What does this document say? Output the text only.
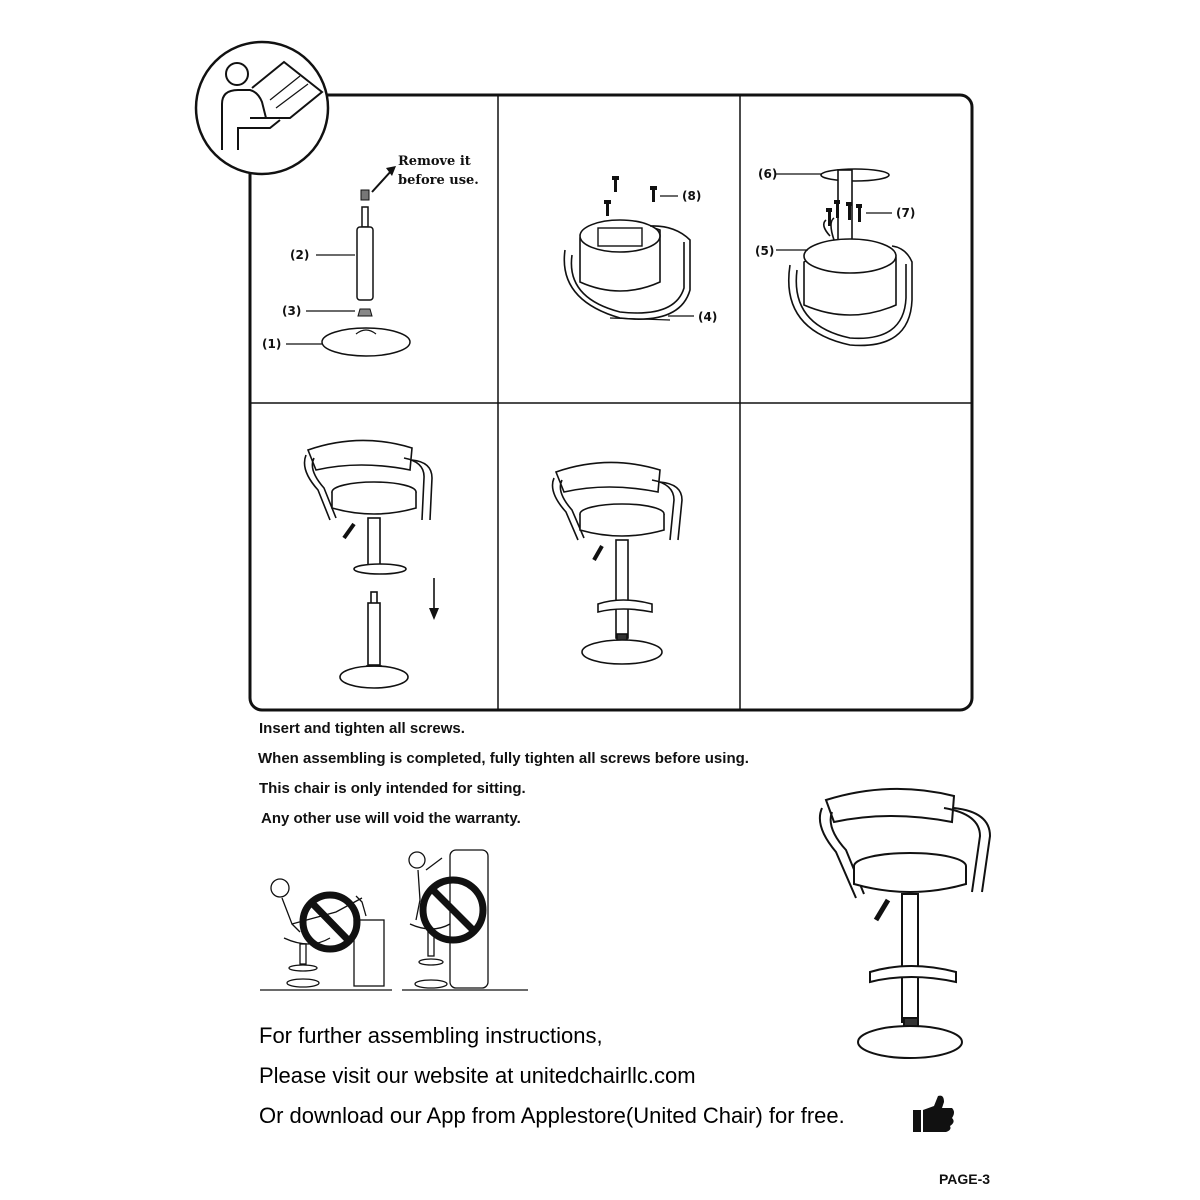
Remove it
before use.
(2)
(3)
(1)
(8)
(4)
(6)
(7)
(5)
Insert and tighten all screws.
When assembling is completed, fully tighten all screws before using.
This chair is only intended for sitting.
Any other use will void the warranty.
For further assembling instructions,
Please visit our website at unitedchairllc.com
Or download our App from Applestore(United Chair) for free.
PAGE-3
